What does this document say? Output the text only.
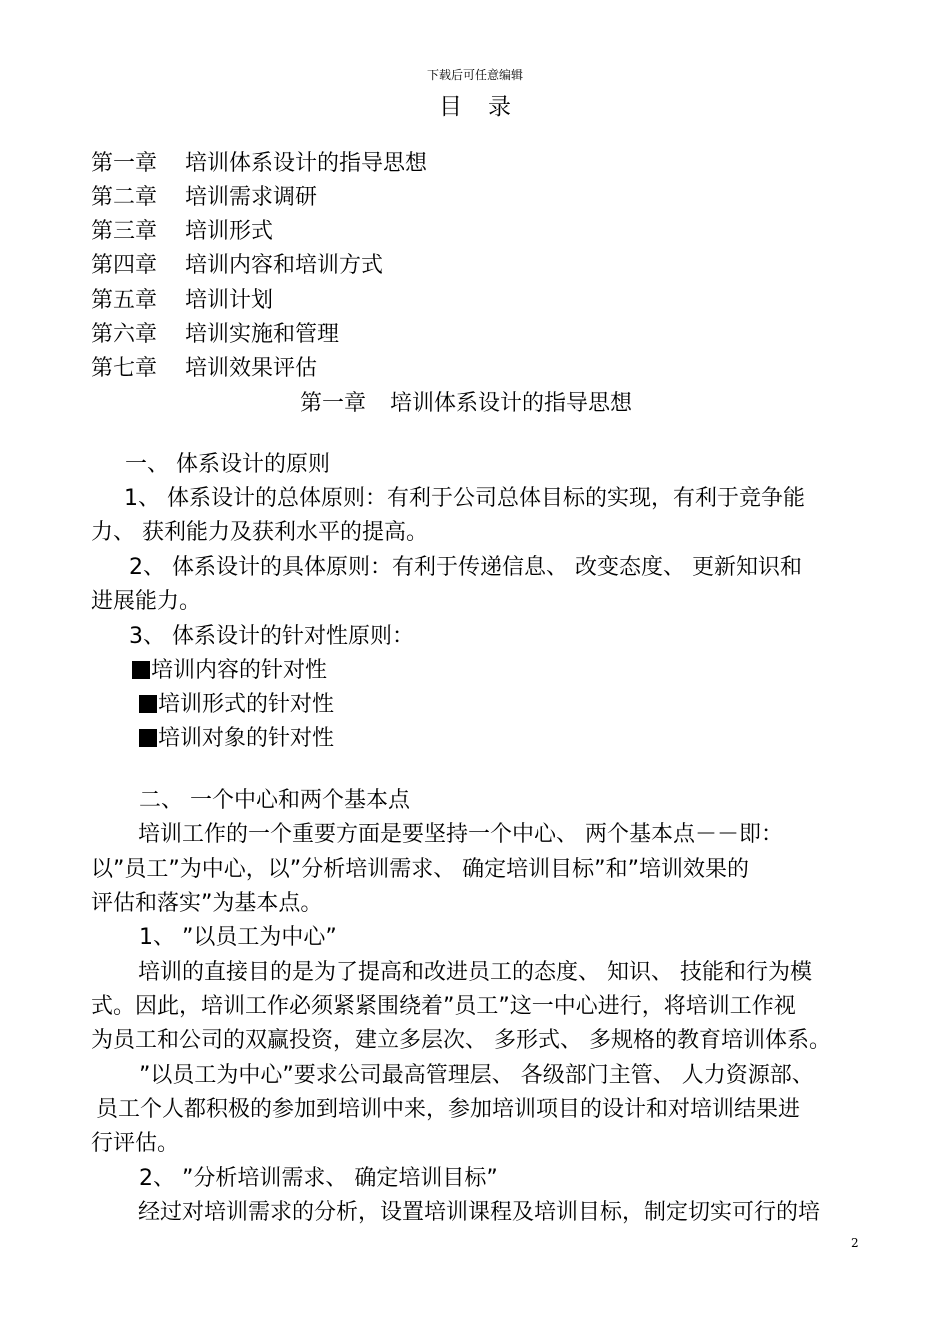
下载后可任意编辑
目录
第一章 培训体系设计的指导思想
第二章 培训需求调研
第三章 培训形式
第四章 培训内容和培训方式
第五章 培训计划
第六章 培训实施和管理
第七章 培训效果评估
第一章 培训体系设计的指导思想
一、 体系设计的原则
1、 体系设计的总体原则：有利于公司总体目标的实现，有利于竞争能
力、 获利能力及获利水平的提高。
2、 体系设计的具体原则：有利于传递信息、 改变态度、 更新知识和
进展能力。
3、 体系设计的针对性原则：
培训内容的针对性
培训形式的针对性
培训对象的针对性
二、 一个中心和两个基本点
培训工作的一个重要方面是要坚持一个中心、 两个基本点－－即：
以”员工”为中心，以”分析培训需求、 确定培训目标”和”培训效果的
评估和落实”为基本点。
1、 ”以员工为中心”
培训的直接目的是为了提高和改进员工的态度、 知识、 技能和行为模
式。因此，培训工作必须紧紧围绕着”员工”这一中心进行，将培训工作视
为员工和公司的双赢投资，建立多层次、 多形式、 多规格的教育培训体系。
”以员工为中心”要求公司最高管理层、 各级部门主管、 人力资源部、
员工个人都积极的参加到培训中来，参加培训项目的设计和对培训结果进
行评估。
2、 ”分析培训需求、 确定培训目标”
经过对培训需求的分析，设置培训课程及培训目标，制定切实可行的培
2
